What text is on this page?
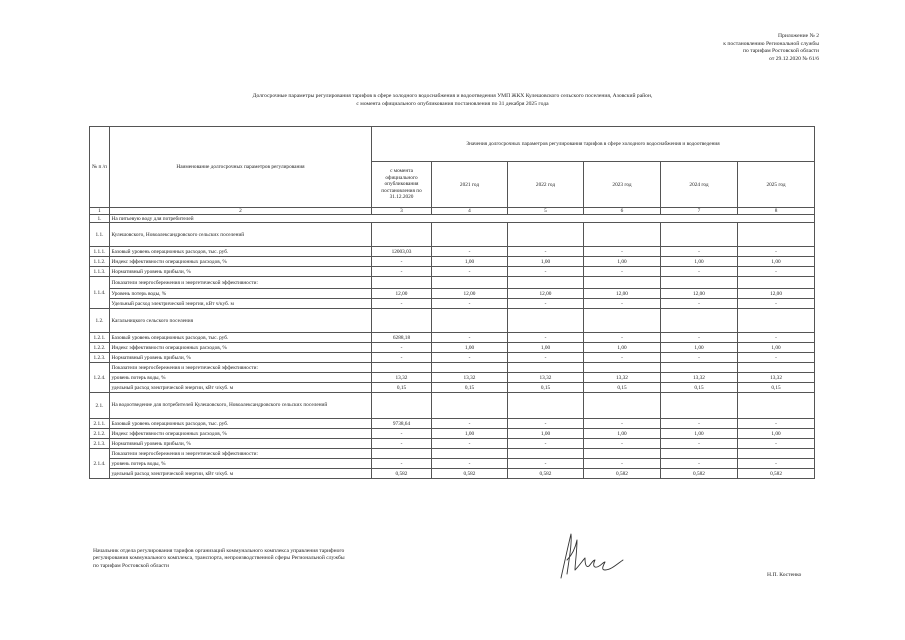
Приложение № 2
к постановлению Региональной службы
по тарифам Ростовской области
от 29.12.2020 № 61/6
Долгосрочные параметры регулирования тарифов в сфере холодного водоснабжения и водоотведения УМП ЖКХ Кулешовского сельского поселения, Азовский район,
с момента официального опубликования постановления по 31 декабря 2025 года
№ п /п	Наименование долгосрочных параметров регулирования	Значения долгосрочных параметров регулирования тарифов в сфере холодного водоснабжения и водоотведения					
		с момента официального опубликования постановления по 31.12.2020	2021 год	2022 год	2023 год	2024 год	2025 год
1	2	3	4	5	6	7	8
1.	На питьевую воду для потребителей						
1.1.	Кулешовского, Новоалександровского сельских поселений						
1.1.1.	Базовый уровень операционных расходов, тыс. руб.	12003,03	-	-	-	-	-
1.1.2.	Индекс эффективности операционных расходов, %	-	1,00	1,00	1,00	1,00	1,00
1.1.3.	Нормативный уровень прибыли, %	-	-	-	-	-	-
1.1.4.	Показатели энергосбережения и энергетической эффективности:						
	Уровень потерь воды, %	12,00	12,00	12,00	12,00	12,00	12,00
	Удельный расход электрической энергии, кВт ч/куб. м	-	-	-	-	-	-
1.2.	Кагальницкого сельского поселения						
1.2.1.	Базовый уровень операционных расходов, тыс. руб.	6288,18	-	-	-	-	-
1.2.2.	Индекс эффективности операционных расходов, %	-	1,00	1,00	1,00	1,00	1,00
1.2.3.	Нормативный уровень прибыли, %	-	-	-	-	-	-
1.2.4.	Показатели энергосбережения и энергетической эффективности:						
	уровень потерь воды, %	13,32	13,32	13,32	13,32	13,32	13,32
	удельный расход электрической энергии, кВт ч/куб. м	0,15	0,15	0,15	0,15	0,15	0,15
2.1.	На водоотведение для потребителей Кулешовского, Новоалександровского сельских поселений						
2.1.1.	Базовый уровень операционных расходов, тыс. руб.	9738,64	-	-	-	-	-
2.1.2.	Индекс эффективности операционных расходов, %	-	1,00	1,00	1,00	1,00	1,00
2.1.3.	Нормативный уровень прибыли, %	-	-	-	-	-	-
2.1.4.	Показатели энергосбережения и энергетической эффективности:						
	уровень потерь воды, %	-	-	-	-	-	-
	удельный расход электрической энергии, кВт ч/куб. м	0,582	0,582	0,582	0,582	0,582	0,582
Начальник отдела регулирования тарифов организаций коммунального комплекса управления тарифного
регулирования коммунального комплекса, транспорта, непроизводственной сферы Региональной службы
по тарифам Ростовской области
Н.П. Костенко
